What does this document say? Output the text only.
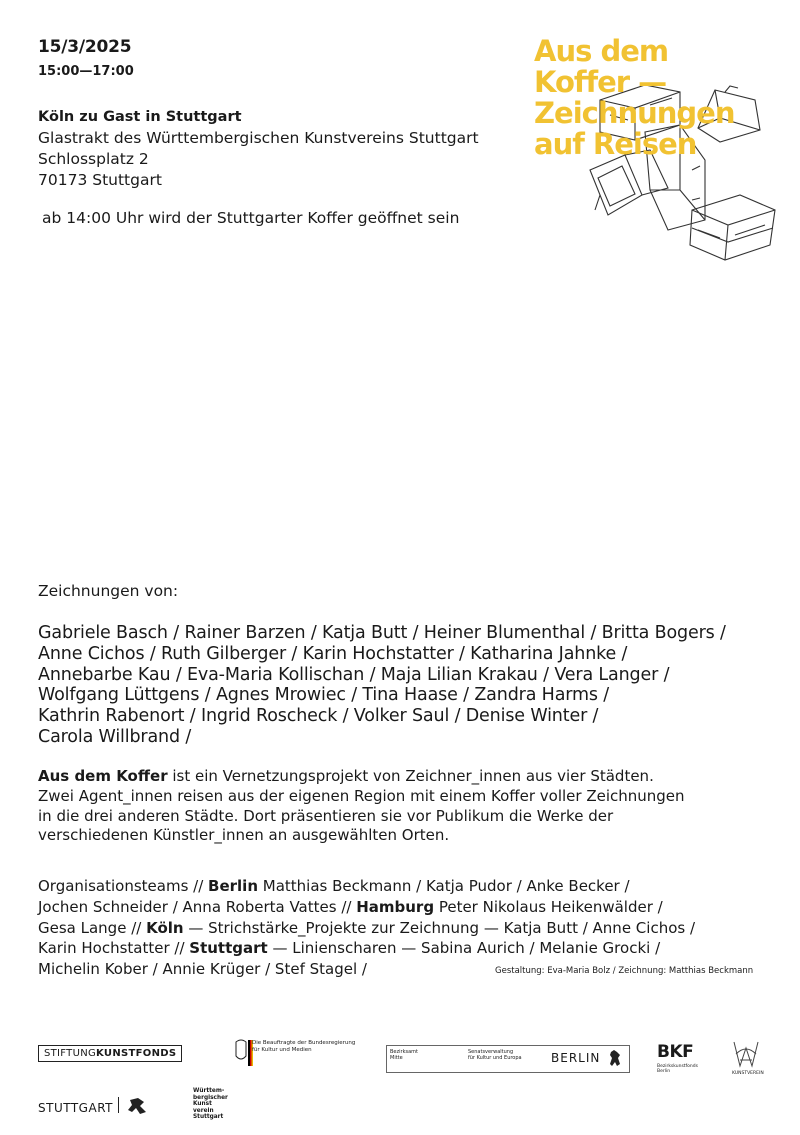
15/3/2025
15:00—17:00
Köln zu Gast in Stuttgart
Glastrakt des Württembergischen Kunstvereins Stuttgart
Schlossplatz 2
70173 Stuttgart
ab 14:00 Uhr wird der Stuttgarter Koffer geöffnet sein
Aus dem
Koffer —
Zeichnungen
auf Reisen
Zeichnungen von:
Gabriele Basch / Rainer Barzen / Katja Butt / Heiner Blumenthal / Britta Bogers /
Anne Cichos / Ruth Gilberger / Karin Hochstatter / Katharina Jahnke /
Annebarbe Kau / Eva-Maria Kollischan / Maja Lilian Krakau / Vera Langer /
Wolfgang Lüttgens / Agnes Mrowiec / Tina Haase / Zandra Harms /
Kathrin Rabenort / Ingrid Roscheck / Volker Saul / Denise Winter /
Carola Willbrand /
Aus dem Koffer ist ein Vernetzungsprojekt von Zeichner_innen aus vier Städten.
Zwei Agent_innen reisen aus der eigenen Region mit einem Koffer voller Zeichnungen
in die drei anderen Städte. Dort präsentieren sie vor Publikum die Werke der
verschiedenen Künstler_innen an ausgewählten Orten.
Organisationsteams // Berlin Matthias Beckmann / Katja Pudor / Anke Becker /
Jochen Schneider / Anna Roberta Vattes // Hamburg Peter Nikolaus Heikenwälder /
Gesa Lange // Köln — Strichstärke_Projekte zur Zeichnung — Katja Butt / Anne Cichos /
Karin Hochstatter // Stuttgart — Linienscharen — Sabina Aurich / Melanie Grocki /
Michelin Kober / Annie Krüger / Stef Stagel /	Gestaltung: Eva-Maria Bolz / Zeichnung: Matthias Beckmann
STIFTUNGKUNSTFONDS
Die Beauftragte der Bundesregierung
für Kultur und Medien	Bezirksamt
Mitte
Senatsverwaltung
für Kultur und Europa	BERLIN	BKF
Bezirkskunstfonds Berlin	KUNSTVEREIN
STUTTGART
Württem-
bergischer
Kunst
verein
Stuttgart
